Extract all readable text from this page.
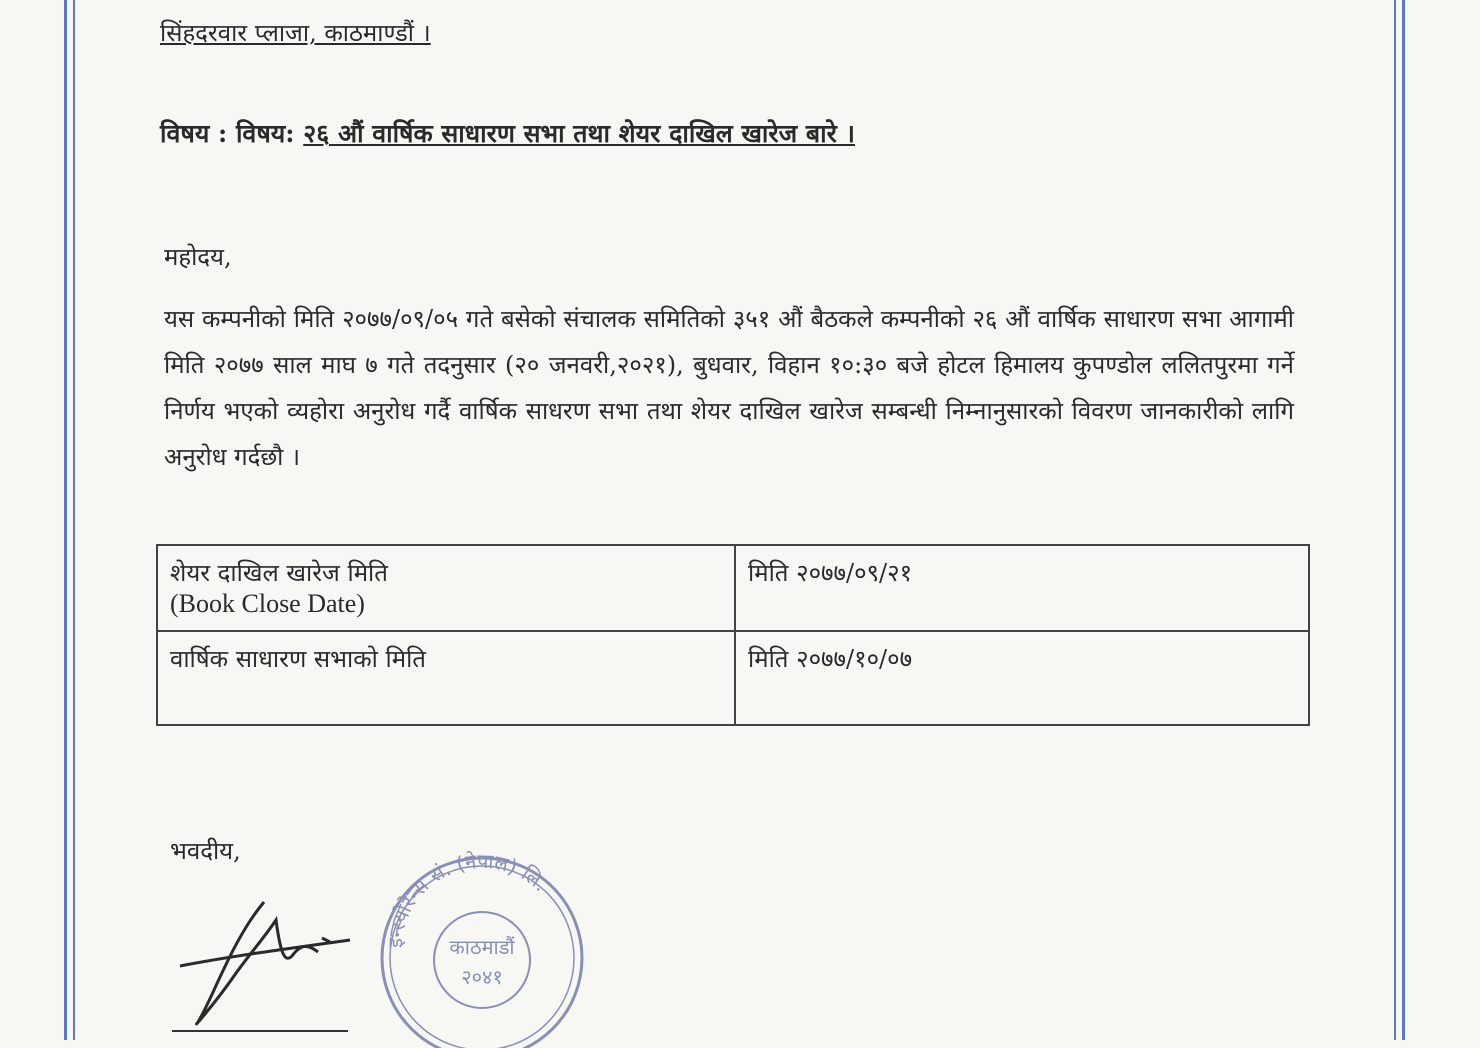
सिंहदरवार प्लाजा, काठमाण्डौं ।
विषय : विषय: २६ औं वार्षिक साधारण सभा तथा शेयर दाखिल खारेज बारे ।
महोदय,
यस कम्पनीको मिति २०७७/०९/०५ गते बसेको संचालक समितिको ३५१ औं बैठकले कम्पनीको २६ औं वार्षिक साधारण सभा आगामी मिति २०७७ साल माघ ७ गते तदनुसार (२० जनवरी,२०२१), बुधवार, विहान १०:३० बजे होटल हिमालय कुपण्डोल ललितपुरमा गर्ने निर्णय भएको व्यहोरा अनुरोध गर्दै वार्षिक साधरण सभा तथा शेयर दाखिल खारेज सम्बन्धी निम्नानुसारको विवरण जानकारीको लागि अनुरोध गर्दछौ ।
शेयर दाखिल खारेज मिति
(Book Close Date)	मिति २०७७/०९/२१

वार्षिक साधारण सभाको मिति	मिति २०७७/१०/०७
भवदीय,
इन्स्योरेन्स सं. (नेपाल) लि.
काठमाडौं
२०४१
